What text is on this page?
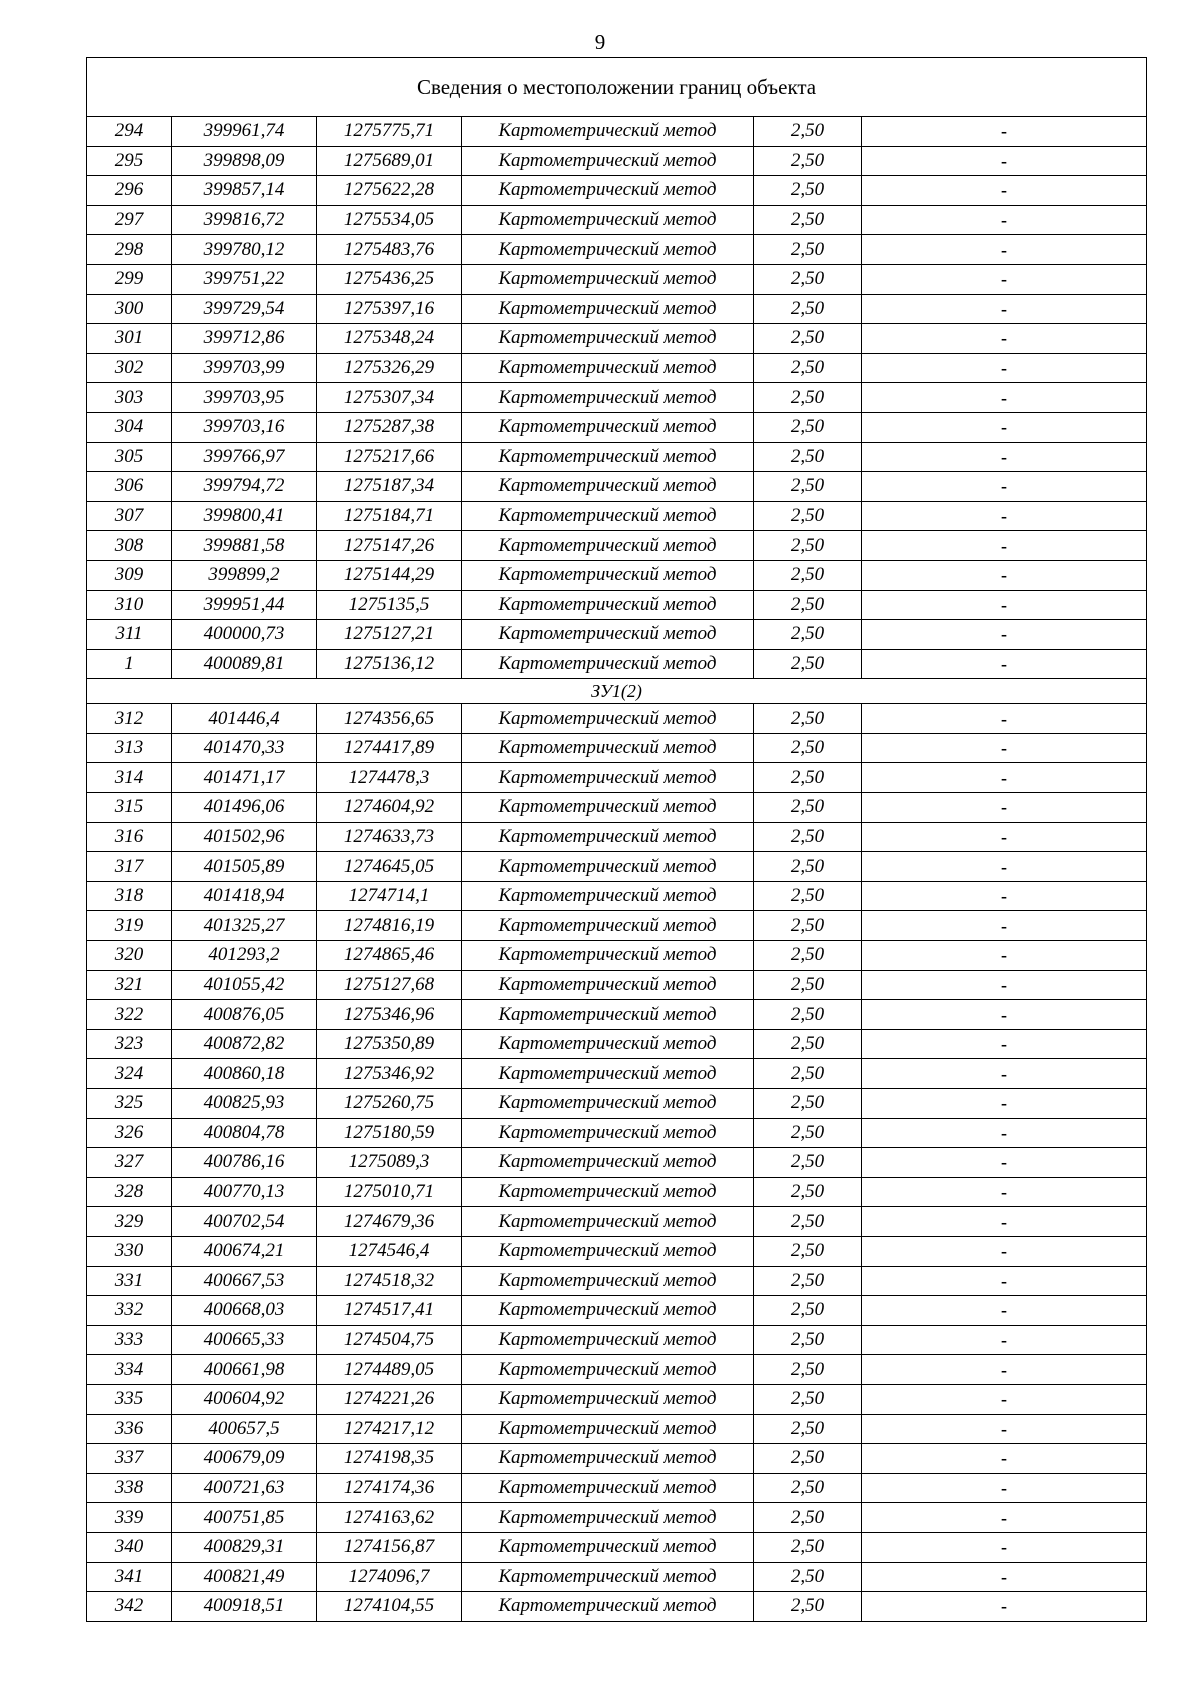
9
Сведения о местоположении границ объекта					
294	399961,74	1275775,71	Картометрический метод	2,50	-
295	399898,09	1275689,01	Картометрический метод	2,50	-
296	399857,14	1275622,28	Картометрический метод	2,50	-
297	399816,72	1275534,05	Картометрический метод	2,50	-
298	399780,12	1275483,76	Картометрический метод	2,50	-
299	399751,22	1275436,25	Картометрический метод	2,50	-
300	399729,54	1275397,16	Картометрический метод	2,50	-
301	399712,86	1275348,24	Картометрический метод	2,50	-
302	399703,99	1275326,29	Картометрический метод	2,50	-
303	399703,95	1275307,34	Картометрический метод	2,50	-
304	399703,16	1275287,38	Картометрический метод	2,50	-
305	399766,97	1275217,66	Картометрический метод	2,50	-
306	399794,72	1275187,34	Картометрический метод	2,50	-
307	399800,41	1275184,71	Картометрический метод	2,50	-
308	399881,58	1275147,26	Картометрический метод	2,50	-
309	399899,2	1275144,29	Картометрический метод	2,50	-
310	399951,44	1275135,5	Картометрический метод	2,50	-
311	400000,73	1275127,21	Картометрический метод	2,50	-
1	400089,81	1275136,12	Картометрический метод	2,50	-
ЗУ1(2)					
312	401446,4	1274356,65	Картометрический метод	2,50	-
313	401470,33	1274417,89	Картометрический метод	2,50	-
314	401471,17	1274478,3	Картометрический метод	2,50	-
315	401496,06	1274604,92	Картометрический метод	2,50	-
316	401502,96	1274633,73	Картометрический метод	2,50	-
317	401505,89	1274645,05	Картометрический метод	2,50	-
318	401418,94	1274714,1	Картометрический метод	2,50	-
319	401325,27	1274816,19	Картометрический метод	2,50	-
320	401293,2	1274865,46	Картометрический метод	2,50	-
321	401055,42	1275127,68	Картометрический метод	2,50	-
322	400876,05	1275346,96	Картометрический метод	2,50	-
323	400872,82	1275350,89	Картометрический метод	2,50	-
324	400860,18	1275346,92	Картометрический метод	2,50	-
325	400825,93	1275260,75	Картометрический метод	2,50	-
326	400804,78	1275180,59	Картометрический метод	2,50	-
327	400786,16	1275089,3	Картометрический метод	2,50	-
328	400770,13	1275010,71	Картометрический метод	2,50	-
329	400702,54	1274679,36	Картометрический метод	2,50	-
330	400674,21	1274546,4	Картометрический метод	2,50	-
331	400667,53	1274518,32	Картометрический метод	2,50	-
332	400668,03	1274517,41	Картометрический метод	2,50	-
333	400665,33	1274504,75	Картометрический метод	2,50	-
334	400661,98	1274489,05	Картометрический метод	2,50	-
335	400604,92	1274221,26	Картометрический метод	2,50	-
336	400657,5	1274217,12	Картометрический метод	2,50	-
337	400679,09	1274198,35	Картометрический метод	2,50	-
338	400721,63	1274174,36	Картометрический метод	2,50	-
339	400751,85	1274163,62	Картометрический метод	2,50	-
340	400829,31	1274156,87	Картометрический метод	2,50	-
341	400821,49	1274096,7	Картометрический метод	2,50	-
342	400918,51	1274104,55	Картометрический метод	2,50	-
